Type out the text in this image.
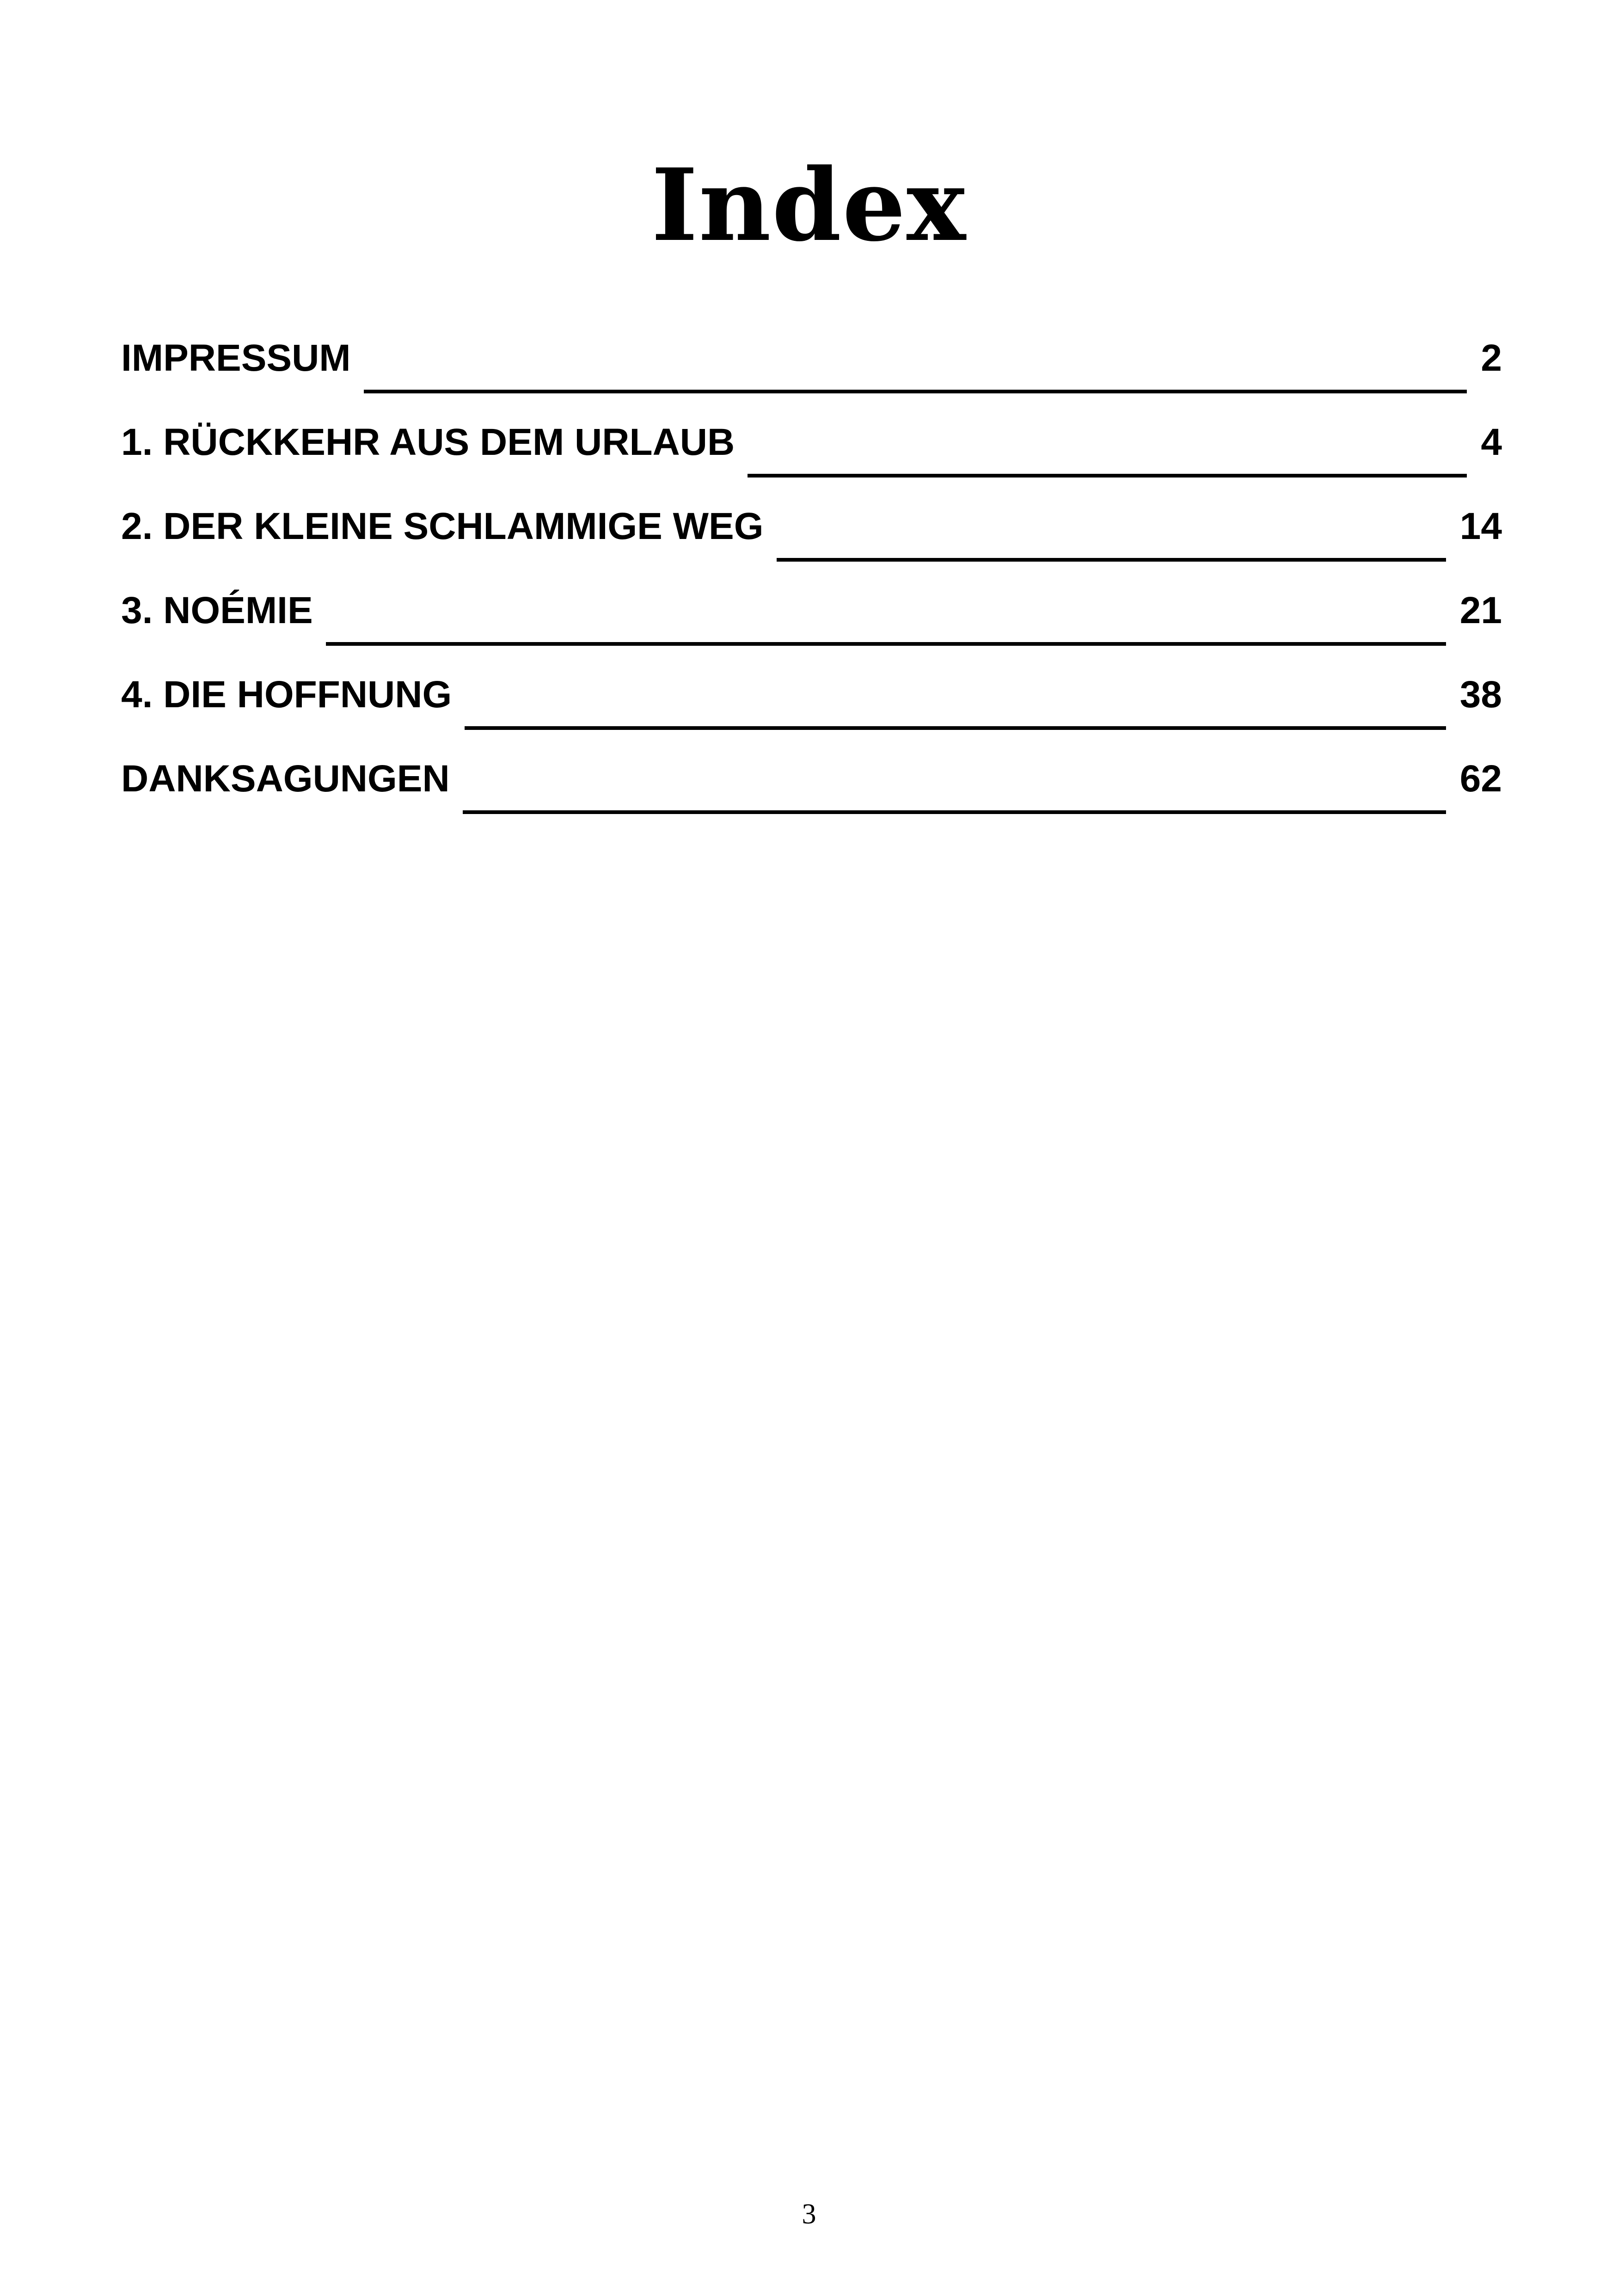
Index
IMPRESSUM	2
1. RÜCKKEHR AUS DEM URLAUB	4
2. DER KLEINE SCHLAMMIGE WEG	14
3. NOÉMIE	21
4. DIE HOFFNUNG	38
DANKSAGUNGEN	62
3
